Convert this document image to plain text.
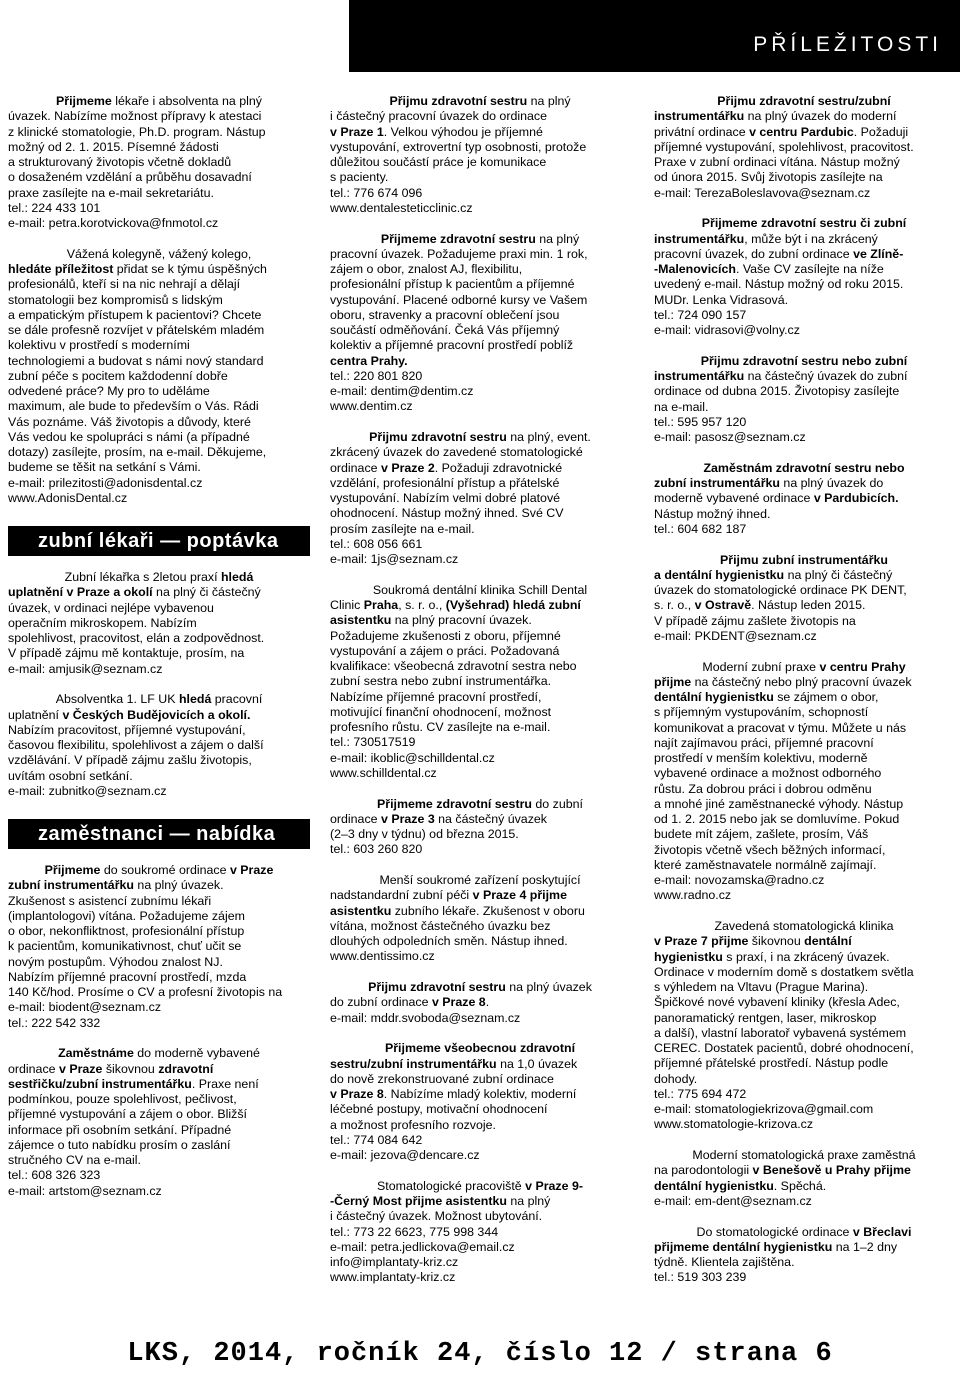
PŘÍLEŽITOSTI
Přijmeme lékaře i absolventa na plný
úvazek. Nabízíme možnost přípravy k atestaci
z klinické stomatologie, Ph.D. program. Nástup
možný od 2. 1. 2015. Písemné žádosti
a strukturovaný životopis včetně dokladů
o dosaženém vzdělání a průběhu dosavadní
praxe zasílejte na e-mail sekretariátu.
tel.: 224 433 101
e-mail: petra.korotvickova@fnmotol.cz
Vážená kolegyně, vážený kolego,
hledáte příležitost přidat se k týmu úspěšných
profesionálů, kteří si na nic nehrají a dělají
stomatologii bez kompromisů s lidským
a empatickým přístupem k pacientovi? Chcete
se dále profesně rozvíjet v přátelském mladém
kolektivu v prostředí s moderními
technologiemi a budovat s námi nový standard
zubní péče s pocitem každodenní dobře
odvedené práce? My pro to uděláme
maximum, ale bude to především o Vás. Rádi
Vás poznáme. Váš životopis a důvody, které
Vás vedou ke spolupráci s námi (a případné
dotazy) zasílejte, prosím, na e-mail. Děkujeme,
budeme se těšit na setkání s Vámi.
e-mail: prilezitosti@adonisdental.cz
www.AdonisDental.cz
zubní lékaři — poptávka
Zubní lékařka s 2letou praxí hledá
uplatnění v Praze a okolí na plný či částečný
úvazek, v ordinaci nejlépe vybavenou
operačním mikroskopem. Nabízím
spolehlivost, pracovitost, elán a zodpovědnost.
V případě zájmu mě kontaktuje, prosím, na
e-mail: amjusik@seznam.cz
Absolventka 1. LF UK hledá pracovní
uplatnění v Českých Budějovicích a okolí.
Nabízím pracovitost, příjemné vystupování,
časovou flexibilitu, spolehlivost a zájem o další
vzdělávání. V případě zájmu zašlu životopis,
uvítám osobní setkání.
e-mail: zubnitko@seznam.cz
zaměstnanci — nabídka
Přijmeme do soukromé ordinace v Praze
zubní instrumentářku na plný úvazek.
Zkušenost s asistencí zubnímu lékaři
(implantologovi) vítána. Požadujeme zájem
o obor, nekonfliktnost, profesionální přístup
k pacientům, komunikativnost, chuť učit se
novým postupům. Výhodou znalost NJ.
Nabízím příjemné pracovní prostředí, mzda
140 Kč/hod. Prosíme o CV a profesní životopis na
e-mail: biodent@seznam.cz
tel.: 222 542 332
Zaměstnáme do moderně vybavené
ordinace v Praze šikovnou zdravotní
sestřičku/zubní instrumentářku. Praxe není
podmínkou, pouze spolehlivost, pečlivost,
příjemné vystupování a zájem o obor. Bližší
informace při osobním setkání. Případné
zájemce o tuto nabídku prosím o zaslání
stručného CV na e-mail.
tel.: 608 326 323
e-mail: artstom@seznam.cz
Přijmu zdravotní sestru na plný
i částečný pracovní úvazek do ordinace
v Praze 1. Velkou výhodou je příjemné
vystupování, extrovertní typ osobnosti, protože
důležitou součástí práce je komunikace
s pacienty.
tel.: 776 674 096
www.dentalesteticclinic.cz
Přijmeme zdravotní sestru na plný
pracovní úvazek. Požadujeme praxi min. 1 rok,
zájem o obor, znalost AJ, flexibilitu,
profesionální přístup k pacientům a příjemné
vystupování. Placené odborné kursy ve Vašem
oboru, stravenky a pracovní oblečení jsou
součástí odměňování. Čeká Vás příjemný
kolektiv a příjemné pracovní prostředí poblíž
centra Prahy.
tel.: 220 801 820
e-mail: dentim@dentim.cz
www.dentim.cz
Přijmu zdravotní sestru na plný, event.
zkrácený úvazek do zavedené stomatologické
ordinace v Praze 2. Požaduji zdravotnické
vzdělání, profesionální přístup a přátelské
vystupování. Nabízím velmi dobré platové
ohodnocení. Nástup možný ihned. Své CV
prosím zasílejte na e-mail.
tel.: 608 056 661
e-mail: 1js@seznam.cz
Soukromá dentální klinika Schill Dental
Clinic Praha, s. r. o., (Vyšehrad) hledá zubní
asistentku na plný pracovní úvazek.
Požadujeme zkušenosti z oboru, příjemné
vystupování a zájem o práci. Požadovaná
kvalifikace: všeobecná zdravotní sestra nebo
zubní sestra nebo zubní instrumentářka.
Nabízíme příjemné pracovní prostředí,
motivující finanční ohodnocení, možnost
profesního růstu. CV zasílejte na e-mail.
tel.: 730517519
e-mail: ikoblic@schilldental.cz
www.schilldental.cz
Přijmeme zdravotní sestru do zubní
ordinace v Praze 3 na částečný úvazek
(2–3 dny v týdnu) od března 2015.
tel.: 603 260 820
Menší soukromé zařízení poskytující
nadstandardní zubní péči v Praze 4 přijme
asistentku zubního lékaře. Zkušenost v oboru
vítána, možnost částečného úvazku bez
dlouhých odpoledních směn. Nástup ihned.
www.dentissimo.cz
Přijmu zdravotní sestru na plný úvazek
do zubní ordinace v Praze 8.
e-mail: mddr.svoboda@seznam.cz
Přijmeme všeobecnou zdravotní
sestru/zubní instrumentářku na 1,0 úvazek
do nově zrekonstruované zubní ordinace
v Praze 8. Nabízíme mladý kolektiv, moderní
léčebné postupy, motivační ohodnocení
a možnost profesního rozvoje.
tel.: 774 084 642
e-mail: jezova@dencare.cz
Stomatologické pracoviště v Praze 9-
-Černý Most přijme asistentku na plný
i částečný úvazek. Možnost ubytování.
tel.: 773 22 6623, 775 998 344
e-mail: petra.jedlickova@email.cz
info@implantaty-kriz.cz
www.implantaty-kriz.cz
Přijmu zdravotní sestru/zubní
instrumentářku na plný úvazek do moderní
privátní ordinace v centru Pardubic. Požaduji
příjemné vystupování, spolehlivost, pracovitost.
Praxe v zubní ordinaci vítána. Nástup možný
od února 2015. Svůj životopis zasílejte na
e-mail: TerezaBoleslavova@seznam.cz
Přijmeme zdravotní sestru či zubní
instrumentářku, může být i na zkrácený
pracovní úvazek, do zubní ordinace ve Zlíně-
-Malenovicích. Vaše CV zasílejte na níže
uvedený e-mail. Nástup možný od roku 2015.
MUDr. Lenka Vidrasová.
tel.: 724 090 157
e-mail: vidrasovi@volny.cz
Přijmu zdravotní sestru nebo zubní
instrumentářku na částečný úvazek do zubní
ordinace od dubna 2015. Životopisy zasílejte
na e-mail.
tel.: 595 957 120
e-mail: pasosz@seznam.cz
Zaměstnám zdravotní sestru nebo
zubní instrumentářku na plný úvazek do
moderně vybavené ordinace v Pardubicích.
Nástup možný ihned.
tel.: 604 682 187
Přijmu zubní instrumentářku
a dentální hygienistku na plný či částečný
úvazek do stomatologické ordinace PK DENT,
s. r. o., v Ostravě. Nástup leden 2015.
V případě zájmu zašlete životopis na
e-mail: PKDENT@seznam.cz
Moderní zubní praxe v centru Prahy
přijme na částečný nebo plný pracovní úvazek
dentální hygienistku se zájmem o obor,
s příjemným vystupováním, schopností
komunikovat a pracovat v týmu. Můžete u nás
najít zajímavou práci, příjemné pracovní
prostředí v menším kolektivu, moderně
vybavené ordinace a možnost odborného
růstu. Za dobrou práci i dobrou odměnu
a mnohé jiné zaměstnanecké výhody. Nástup
od 1. 2. 2015 nebo jak se domluvíme. Pokud
budete mít zájem, zašlete, prosím, Váš
životopis včetně všech běžných informací,
které zaměstnavatele normálně zajímají.
e-mail: novozamska@radno.cz
www.radno.cz
Zavedená stomatologická klinika
v Praze 7 přijme šikovnou dentální
hygienistku s praxí, i na zkrácený úvazek.
Ordinace v moderním domě s dostatkem světla
s výhledem na Vltavu (Prague Marina).
Špičkové nové vybavení kliniky (křesla Adec,
panoramatický rentgen, laser, mikroskop
a další), vlastní laboratoř vybavená systémem
CEREC. Dostatek pacientů, dobré ohodnocení,
příjemné přátelské prostředí. Nástup podle
dohody.
tel.: 775 694 472
e-mail: stomatologiekrizova@gmail.com
www.stomatologie-krizova.cz
Moderní stomatologická praxe zaměstná
na parodontologii v Benešově u Prahy přijme
dentální hygienistku. Spěchá.
e-mail: em-dent@seznam.cz
Do stomatologické ordinace v Břeclavi
přijmeme dentální hygienistku na 1–2 dny
týdně. Klientela zajištěna.
tel.: 519 303 239
LKS, 2014, ročník 24, číslo 12 / strana 6
